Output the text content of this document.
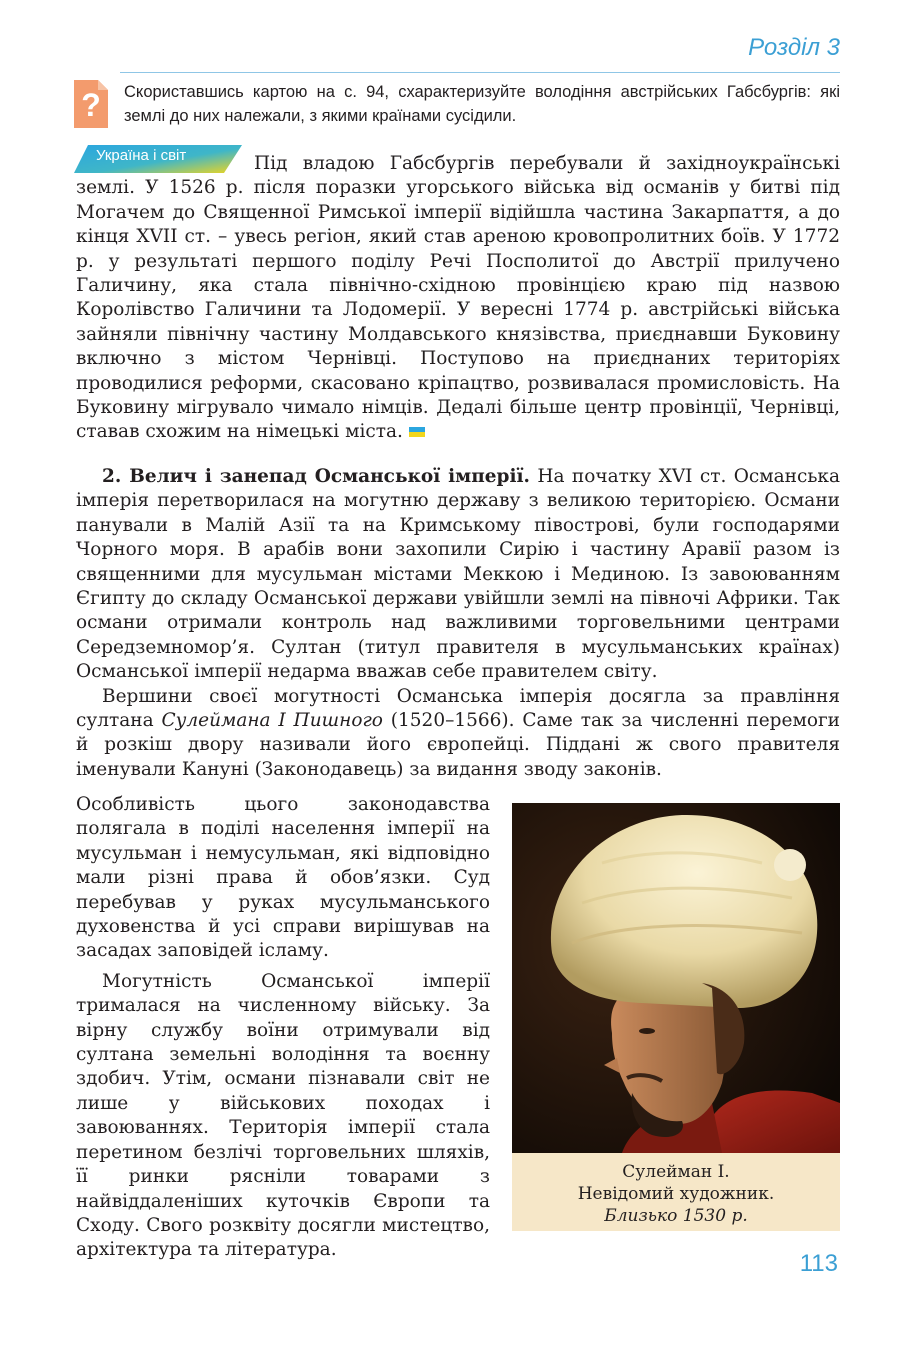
Розділ 3
? Скориставшись картою на с. 94, схарактеризуйте володіння австрійських Габсбургів: які землі до них належали, з якими країнами сусідили.
Україна і світ	Під владою Габсбургів перебували й західноукраїнські землі. У 1526 р. після поразки угорського війська від османів у битві під Могачем до Священної Римської імперії відійшла частина Закарпаття, а до кінця XVII ст. – увесь регіон, який став ареною кровопролитних боїв. У 1772 р. у результаті першого поділу Речі Посполитої до Австрії прилучено Галичину, яка стала північно-східною провінцією краю під назвою Королівство Галичини та Лодомерії. У вересні 1774 р. австрійські війська зайняли північну частину Молдавського князівства, приєднавши Буковину включно з містом Чернівці. Поступово на приєднаних територіях проводилися реформи, скасовано кріпацтво, розвивалася промисловість. На Буковину мігрувало чимало німців. Дедалі більше центр провінції, Чернівці, ставав схожим на німецькі міста.

2. Велич і занепад Османської імперії. На початку XVI ст. Османська імперія перетворилася на могутню державу з великою територією. Османи панували в Малій Азії та на Кримському півострові, були господарями Чорного моря. В арабів вони захопили Сирію і частину Аравії разом із священними для мусульман містами Меккою і Мединою. Із завоюванням Єгипту до складу Османської держави увійшли землі на півночі Африки. Так османи отримали контроль над важливими торговельними центрами Середземномор’я. Султан (титул правителя в мусульманських країнах) Османської імперії недарма вважав себе правителем світу.

Вершини своєї могутності Османська імперія досягла за правління султана Сулеймана I Пишного (1520–1566). Саме так за численні перемоги й розкіш двору називали його європейці. Піддані ж свого правителя іменували Кануні (Законодавець) за видання зводу законів.

Особливість цього законодавства полягала в поділі населення імперії на мусульман і немусульман, які відповідно мали різні права й обов’язки. Суд перебував у руках мусульманського духовенства й усі справи вирішував на засадах заповідей ісламу.

Могутність Османської імперії трималася на численному війську. За вірну службу воїни отримували від султана земельні володіння та воєнну здобич. Утім, османи пізнавали світ не лише у військових походах і завоюваннях. Територія імперії стала перетином безлічі торговельних шляхів, її ринки рясніли товарами з найвіддаленіших куточків Європи та Сходу. Свого розквіту досягли мистецтво, архітектура та література.

Сулейман I.
Невідомий художник.
Близько 1530 р.
113
